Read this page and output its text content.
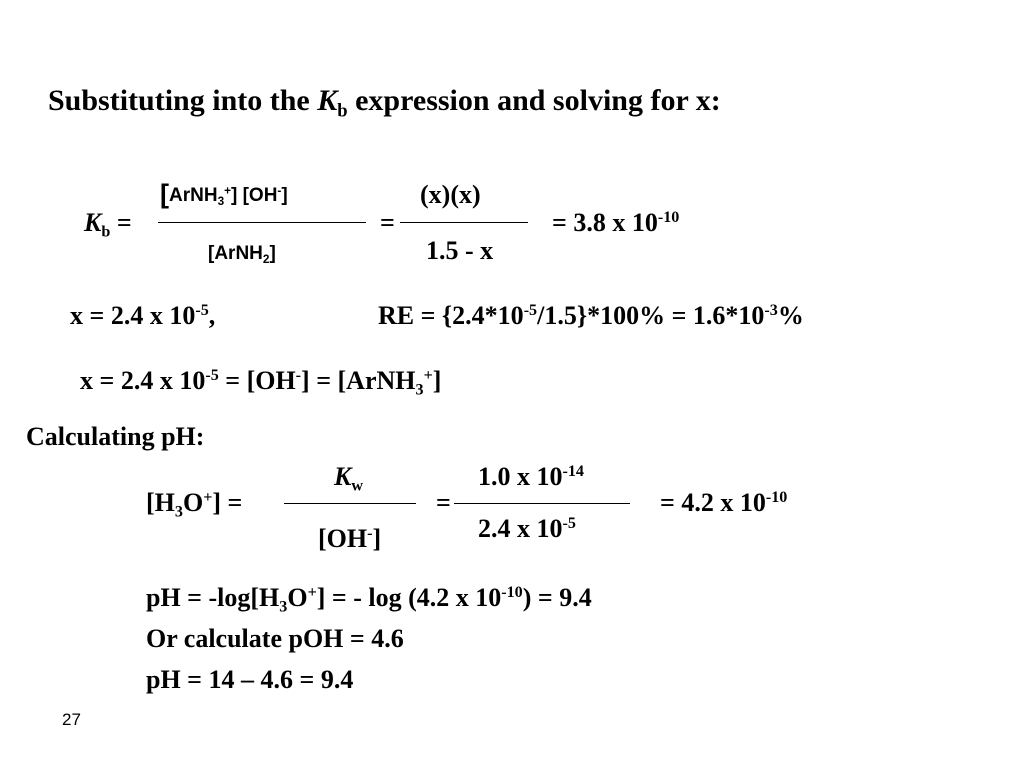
Substituting into the $K_b$ expression and solving for x:
$K_b$ =
[ArNH$_3$+] [OH-]
[ArNH$_2$]
=
(x)(x)
1.5 - x
= 3.8 x $10^{-10}$
x = 2.4 x $10^{-5}$,	RE = $\{2.4*10^{-5}/1.5\}*100\% = 1.6*10^{-3}\%$
x = 2.4 x $10^{-5} = [OH^-]$ = [ArNH$_3$+]
Calculating pH:
$[H_3O^+]$ =
$K_w$
[OH-]
=
1.0 x $10^{-14}$
2.4 x $10^{-5}$
= 4.2 x $10^{-10}$
pH = $-\log[H_3O^+]$ = - log (4.2 x $10^{-10}) = 9.4$
Or calculate pOH = 4.6
pH = 14 – 4.6 = 9.4
27
